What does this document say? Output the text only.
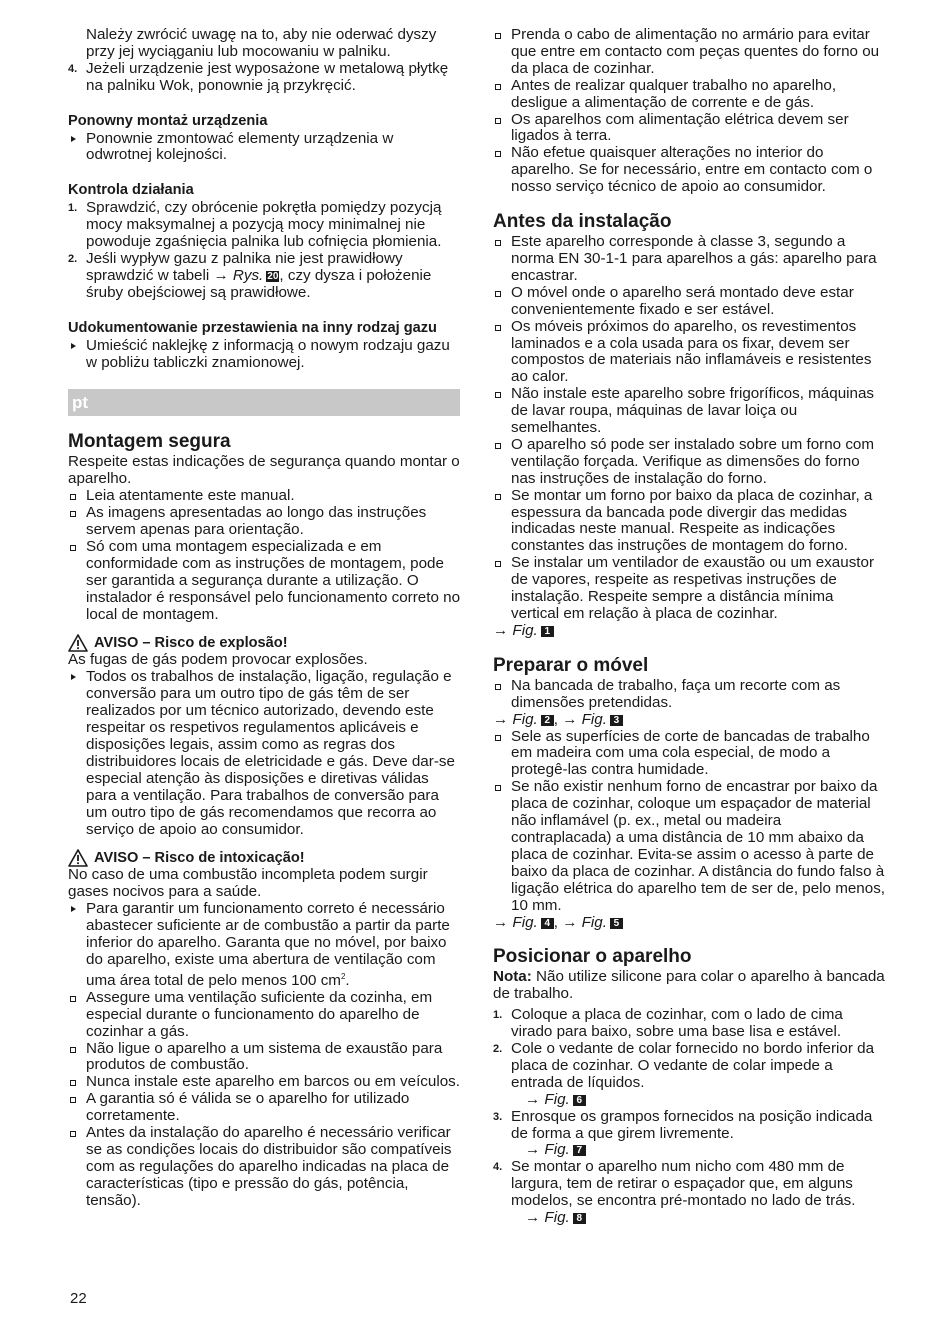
Należy zwrócić uwagę na to, aby nie oderwać dyszy przy jej wyciąganiu lub mocowaniu w palniku.

4. Jeżeli urządzenie jest wyposażone w metalową płytkę na palniku Wok, ponownie ją przykręcić.

Ponowny montaż urządzenia

Ponownie zmontować elementy urządzenia w odwrotnej kolejności.

Kontrola działania

1. Sprawdzić, czy obrócenie pokrętła pomiędzy pozycją mocy maksymalnej a pozycją mocy minimalnej nie powoduje zgaśnięcia palnika lub cofnięcia płomienia.
2. Jeśli wypływ gazu z palnika nie jest prawidłowy sprawdzić w tabeli → Rys. 20, czy dysza i położenie śruby obejściowej są prawidłowe.

Udokumentowanie przestawienia na inny rodzaj gazu

Umieścić naklejkę z informacją o nowym rodzaju gazu w pobliżu tabliczki znamionowej.
pt

Montagem segura

Respeite estas indicações de segurança quando montar o aparelho.

Leia atentamente este manual.
As imagens apresentadas ao longo das instruções servem apenas para orientação.
Só com uma montagem especializada e em conformidade com as instruções de montagem, pode ser garantida a segurança durante a utilização. O instalador é responsável pelo funcionamento correto no local de montagem.

AVISO – Risco de explosão!

As fugas de gás podem provocar explosões.

Todos os trabalhos de instalação, ligação, regulação e conversão para um outro tipo de gás têm de ser realizados por um técnico autorizado, devendo este respeitar os respetivos regulamentos aplicáveis e disposições legais, assim como as regras dos distribuidores locais de eletricidade e gás. Deve dar-se especial atenção às disposições e diretivas válidas para a ventilação. Para trabalhos de conversão para um outro tipo de gás recomendamos que recorra ao serviço de apoio ao consumidor.

AVISO – Risco de intoxicação!

No caso de uma combustão incompleta podem surgir gases nocivos para a saúde.

Para garantir um funcionamento correto é necessário abastecer suficiente ar de combustão a partir da parte inferior do aparelho. Garanta que no móvel, por baixo do aparelho, existe uma abertura de ventilação com uma área total de pelo menos 100 $cm^2$.
Assegure uma ventilação suficiente da cozinha, em especial durante o funcionamento do aparelho de cozinhar a gás.
Não ligue o aparelho a um sistema de exaustão para produtos de combustão.
Nunca instale este aparelho em barcos ou em veículos.
A garantia só é válida se o aparelho for utilizado corretamente.
Antes da instalação do aparelho é necessário verificar se as condições locais do distribuidor são compatíveis com as regulações do aparelho indicadas na placa de características (tipo e pressão do gás, potência, tensão).
Prenda o cabo de alimentação no armário para evitar que entre em contacto com peças quentes do forno ou da placa de cozinhar.
Antes de realizar qualquer trabalho no aparelho, desligue a alimentação de corrente e de gás.
Os aparelhos com alimentação elétrica devem ser ligados à terra.
Não efetue quaisquer alterações no interior do aparelho. Se for necessário, entre em contacto com o nosso serviço técnico de apoio ao consumidor.

Antes da instalação

Este aparelho corresponde à classe 3, segundo a norma EN 30-1-1 para aparelhos a gás: aparelho para encastrar.
O móvel onde o aparelho será montado deve estar convenientemente fixado e ser estável.
Os móveis próximos do aparelho, os revestimentos laminados e a cola usada para os fixar, devem ser compostos de materiais não inflamáveis e resistentes ao calor.
Não instale este aparelho sobre frigoríficos, máquinas de lavar roupa, máquinas de lavar loiça ou semelhantes.
O aparelho só pode ser instalado sobre um forno com ventilação forçada. Verifique as dimensões do forno nas instruções de instalação do forno.
Se montar um forno por baixo da placa de cozinhar, a espessura da bancada pode divergir das medidas indicadas neste manual. Respeite as indicações constantes das instruções de montagem do forno.
Se instalar um ventilador de exaustão ou um exaustor de vapores, respeite as respetivas instruções de instalação. Respeite sempre a distância mínima vertical em relação à placa de cozinhar.

→ Fig. 1

Preparar o móvel

Na bancada de trabalho, faça um recorte com as dimensões pretendidas.

→ Fig. 2 , → Fig. 3

Sele as superfícies de corte de bancadas de trabalho em madeira com uma cola especial, de modo a protegê-las contra humidade.
Se não existir nenhum forno de encastrar por baixo da placa de cozinhar, coloque um espaçador de material não inflamável (p. ex., metal ou madeira contraplacada) a uma distância de 10 mm abaixo da placa de cozinhar. Evita-se assim o acesso à parte de baixo da placa de cozinhar. A distância do fundo falso à ligação elétrica do aparelho tem de ser de, pelo menos, 10 mm.

→ Fig. 4 , → Fig. 5

Posicionar o aparelho

Nota: Não utilize silicone para colar o aparelho à bancada de trabalho.

1. Coloque a placa de cozinhar, com o lado de cima virado para baixo, sobre uma base lisa e estável.
2. Cole o vedante de colar fornecido no bordo inferior da placa de cozinhar. O vedante de colar impede a entrada de líquidos.
→ Fig. 6
3. Enrosque os grampos fornecidos na posição indicada de forma a que girem livremente.
→ Fig. 7
4. Se montar o aparelho num nicho com 480 mm de largura, tem de retirar o espaçador que, em alguns modelos, se encontra pré-montado no lado de trás.
→ Fig. 8
22
